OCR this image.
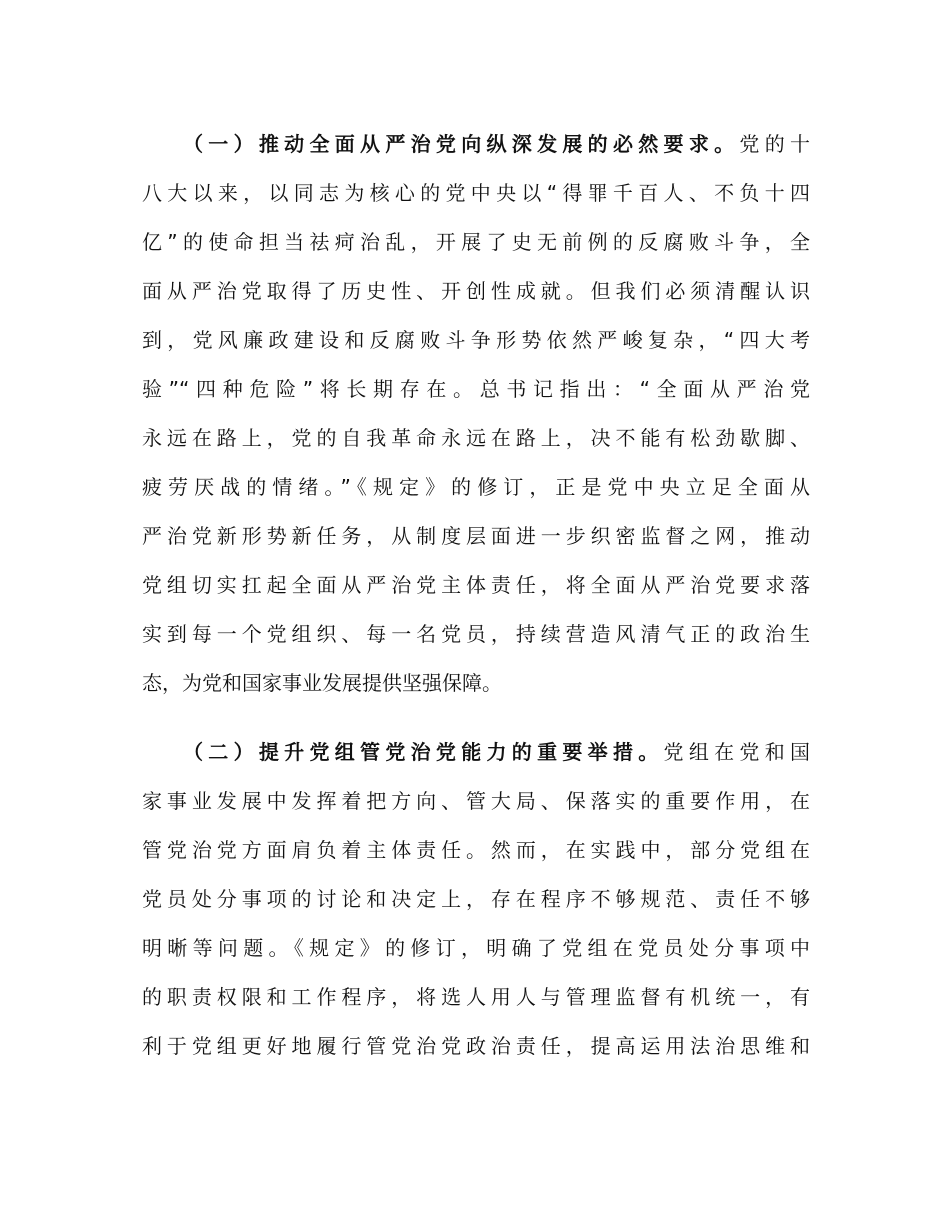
（一）推动全面从严治党向纵深发展的必然要求。党的十
八大以来，以同志为核心的党中央以“得罪千百人、不负十四
亿”的使命担当祛疴治乱，开展了史无前例的反腐败斗争，全
面从严治党取得了历史性、开创性成就。但我们必须清醒认识
到，党风廉政建设和反腐败斗争形势依然严峻复杂，“四大考
验”“四种危险”将长期存在。总书记指出：“全面从严治党
永远在路上，党的自我革命永远在路上，决不能有松劲歇脚、
疲劳厌战的情绪。”《规定》的修订，正是党中央立足全面从
严治党新形势新任务，从制度层面进一步织密监督之网，推动
党组切实扛起全面从严治党主体责任，将全面从严治党要求落
实到每一个党组织、每一名党员，持续营造风清气正的政治生
态，为党和国家事业发展提供坚强保障。
（二）提升党组管党治党能力的重要举措。党组在党和国
家事业发展中发挥着把方向、管大局、保落实的重要作用，在
管党治党方面肩负着主体责任。然而，在实践中，部分党组在
党员处分事项的讨论和决定上，存在程序不够规范、责任不够
明晰等问题。《规定》的修订，明确了党组在党员处分事项中
的职责权限和工作程序，将选人用人与管理监督有机统一，有
利于党组更好地履行管党治党政治责任，提高运用法治思维和
